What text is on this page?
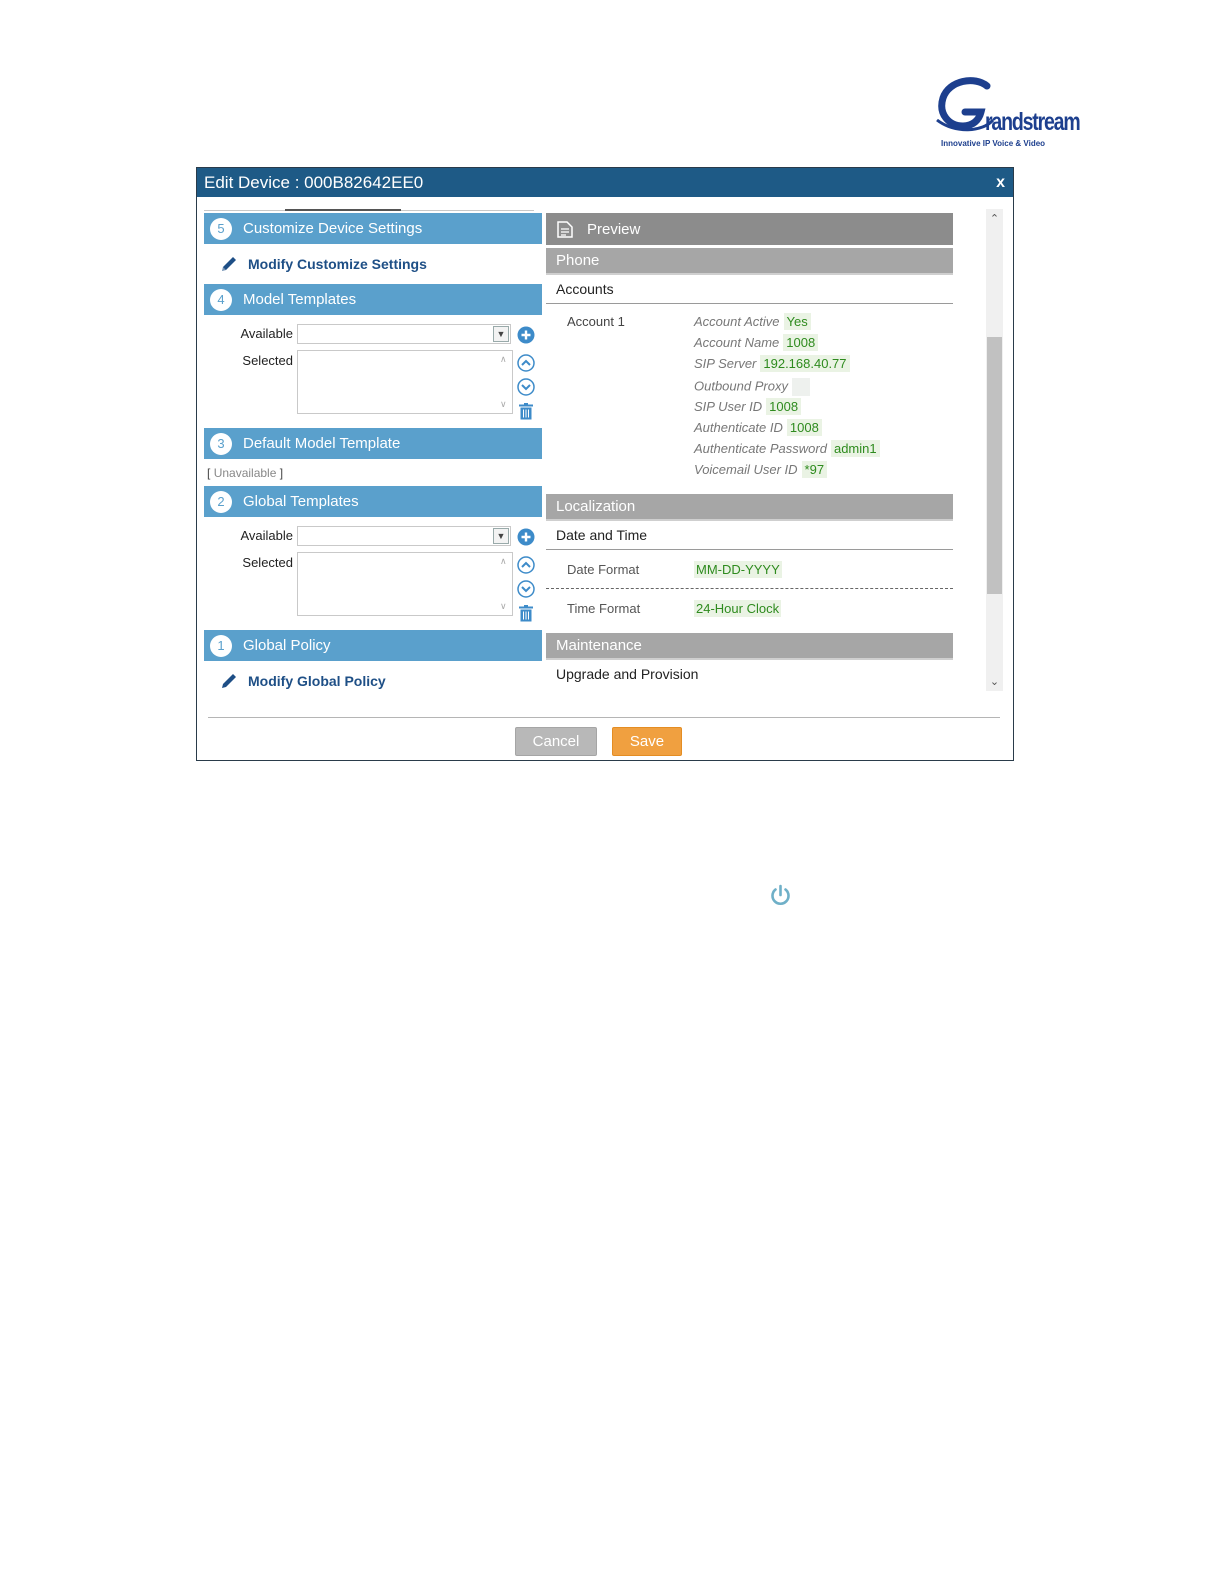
randstream
Innovative IP Voice & Video
Edit Device : 000B82642EE0	x
5	Customize Device Settings
Modify Customize Settings
4	Model Templates
Available	▼
Selected	∧
∨
3	Default Model Template
[
Unavailable
]
2	Global Templates
Available	▼
Selected	∧
∨
1	Global Policy
Modify Global Policy
Preview
Phone
Accounts
Account 1	Account Active Yes
Account Name 1008
SIP Server 192.168.40.77
Outbound Proxy
SIP User ID 1008
Authenticate ID 1008
Authenticate Password admin1
Voicemail User ID *97
Localization
Date and Time
Date Format	MM-DD-YYYY
Time Format	24-Hour Clock
Maintenance
Upgrade and Provision
⌃
⌄
Cancel	Save
